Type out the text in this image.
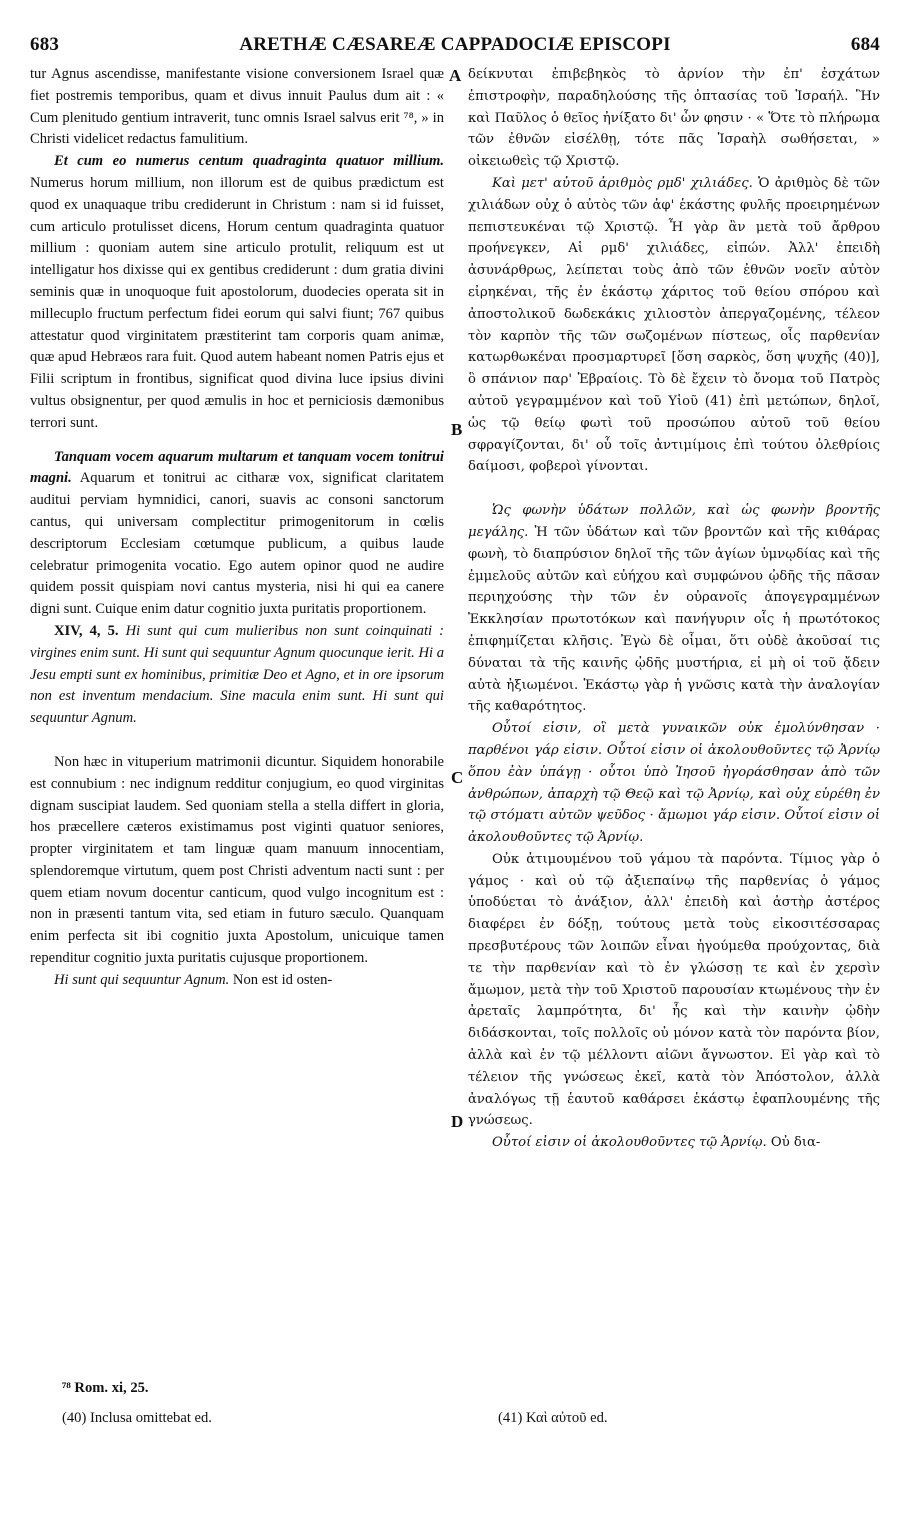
683	ARETHÆ CÆSAREÆ CAPPADOCIÆ EPISCOPI	684

tur Agnus ascendisse, manifestante visione conversionem Israel quæ fiet postremis temporibus, quam et divus innuit Paulus dum ait : « Cum plenitudo gentium intraverit, tunc omnis Israel salvus erit ⁷⁸, » in Christi videlicet redactus famulitium.

Et cum eo numerus centum quadraginta quatuor millium. Numerus horum millium, non illorum est de quibus prædictum est quod ex unaquaque tribu crediderunt in Christum : nam si id fuisset, cum articulo protulisset dicens, Horum centum quadraginta quatuor millium : quoniam autem sine articulo protulit, reliquum est ut intelligatur hos dixisse qui ex gentibus crediderunt : dum gratia divini seminis quæ in unoquoque fuit apostolorum, duodecies operata sit in millecuplo fructum perfectum fidei eorum qui salvi fiunt; 767 quibus attestatur quod virginitatem præstiterint tam corporis quam animæ, quæ apud Hebræos rara fuit. Quod autem habeant nomen Patris ejus et Filii scriptum in frontibus, significat quod divina luce ipsius divini vultus obsignentur, per quod æmulis in hoc et perniciosis dæmonibus terrori sunt.

Tanquam vocem aquarum multarum et tanquam vocem tonitrui magni. Aquarum et tonitrui ac citharæ vox, significat claritatem auditui perviam hymnidici, canori, suavis ac consoni sanctorum cantus, qui universam complectitur primogenitorum in cœlis descriptorum Ecclesiam cœtumque publicum, a quibus laude celebratur primogenita vocatio. Ego autem opinor quod ne audire quidem possit quispiam novi cantus mysteria, nisi hi qui ea canere digni sunt. Cuique enim datur cognitio juxta puritatis proportionem.

XIV, 4, 5. Hi sunt qui cum mulieribus non sunt coinquinati : virgines enim sunt. Hi sunt qui sequuntur Agnum quocunque ierit. Hi a Jesu empti sunt ex hominibus, primitiæ Deo et Agno, et in ore ipsorum non est inventum mendacium. Sine macula enim sunt. Hi sunt qui sequuntur Agnum.

Non hæc in vituperium matrimonii dicuntur. Siquidem honorabile est connubium : nec indignum redditur conjugium, eo quod virginitas dignam suscipiat laudem. Sed quoniam stella a stella differt in gloria, hos præcellere cæteros existimamus post viginti quatuor seniores, propter virginitatem et tam linguæ quam manuum innocentiam, splendoremque virtutum, quem post Christi adventum nacti sunt : per quem etiam novum docentur canticum, quod vulgo incognitum est : non in præsenti tantum vita, sed etiam in futuro sæculo. Quanquam enim perfecta sit ibi cognitio juxta Apostolum, unicuique tamen rependitur cognitio juxta puritatis cujusque proportionem.

Hi sunt qui sequuntur Agnum. Non est id osten-

δείκνυται ἐπιβεβηκὸς τὸ ἀρνίον τὴν ἐπ' ἐσχάτων ἐπιστροφὴν, παραδηλούσης τῆς ὀπτασίας τοῦ Ἰσραήλ. Ἣν καὶ Παῦλος ὁ θεῖος ἠνίξατο δι' ὧν φησιν · « Ὅτε τὸ πλήρωμα τῶν ἐθνῶν εἰσέλθῃ, τότε πᾶς Ἰσραὴλ σωθήσεται, » οἰκειωθεὶς τῷ Χριστῷ.

Καὶ μετ' αὐτοῦ ἀριθμὸς ρμδ' χιλιάδες. Ὁ ἀριθμὸς δὲ τῶν χιλιάδων οὐχ ὁ αὐτὸς τῶν ἀφ' ἑκάστης φυλῆς προειρημένων πεπιστευκέναι τῷ Χριστῷ. Ἦ γὰρ ἂν μετὰ τοῦ ἄρθρου προήνεγκεν, Αἱ ρμδ' χιλιάδες, εἰπών. Ἀλλ' ἐπειδὴ ἀσυνάρθρως, λείπεται τοὺς ἀπὸ τῶν ἐθνῶν νοεῖν αὐτὸν εἰρηκέναι, τῆς ἐν ἑκάστῳ χάριτος τοῦ θείου σπόρου καὶ ἀποστολικοῦ δωδεκάκις χιλιοστὸν ἀπεργαζομένης, τέλεον τὸν καρπὸν τῆς τῶν σωζομένων πίστεως, οἷς παρθενίαν κατωρθωκέναι προσμαρτυρεῖ [ὅση σαρκὸς, ὅση ψυχῆς (40)], ὃ σπάνιον παρ' Ἑβραίοις. Τὸ δὲ ἔχειν τὸ ὄνομα τοῦ Πατρὸς αὐτοῦ γεγραμμένον καὶ τοῦ Υἱοῦ (41) ἐπὶ μετώπων, δηλοῖ, ὡς τῷ θείῳ φωτὶ τοῦ προσώπου αὐτοῦ τοῦ θείου σφραγίζονται, δι' οὗ τοῖς ἀντιμίμοις ἐπὶ τούτου ὀλεθρίοις δαίμοσι, φοβεροὶ γίνονται.

Ὡς φωνὴν ὑδάτων πολλῶν, καὶ ὡς φωνὴν βροντῆς μεγάλης. Ἡ τῶν ὑδάτων καὶ τῶν βροντῶν καὶ τῆς κιθάρας φωνὴ, τὸ διαπρύσιον δηλοῖ τῆς τῶν ἁγίων ὑμνῳδίας καὶ τῆς ἐμμελοῦς αὐτῶν καὶ εὐήχου καὶ συμφώνου ᾠδῆς τῆς πᾶσαν περιηχούσης τὴν τῶν ἐν οὐρανοῖς ἀπογεγραμμένων Ἐκκλησίαν πρωτοτόκων καὶ πανήγυριν οἷς ἡ πρωτότοκος ἐπιφημίζεται κλῆσις. Ἐγὼ δὲ οἶμαι, ὅτι οὐδὲ ἀκοῦσαί τις δύναται τὰ τῆς καινῆς ᾠδῆς μυστήρια, εἰ μὴ οἱ τοῦ ᾄδειν αὐτὰ ἠξιωμένοι. Ἑκάστῳ γὰρ ἡ γνῶσις κατὰ τὴν ἀναλογίαν τῆς καθαρότητος.

Οὗτοί εἰσιν, οἳ μετὰ γυναικῶν οὐκ ἐμολύνθησαν · παρθένοι γάρ εἰσιν. Οὗτοί εἰσιν οἱ ἀκολουθοῦντες τῷ Ἀρνίῳ ὅπου ἐὰν ὑπάγῃ · οὗτοι ὑπὸ Ἰησοῦ ἠγοράσθησαν ἀπὸ τῶν ἀνθρώπων, ἀπαρχὴ τῷ Θεῷ καὶ τῷ Ἀρνίῳ, καὶ οὐχ εὑρέθη ἐν τῷ στόματι αὐτῶν ψεῦδος · ἄμωμοι γάρ εἰσιν. Οὗτοί εἰσιν οἱ ἀκολουθοῦντες τῷ Ἀρνίῳ.

Οὐκ ἀτιμουμένου τοῦ γάμου τὰ παρόντα. Τίμιος γὰρ ὁ γάμος · καὶ οὐ τῷ ἀξιεπαίνῳ τῆς παρθενίας ὁ γάμος ὑποδύεται τὸ ἀνάξιον, ἀλλ' ἐπειδὴ καὶ ἀστὴρ ἀστέρος διαφέρει ἐν δόξῃ, τούτους μετὰ τοὺς εἰκοσιτέσσαρας πρεσβυτέρους τῶν λοιπῶν εἶναι ἡγούμεθα προύχοντας, διὰ τε τὴν παρθενίαν καὶ τὸ ἐν γλώσσῃ τε καὶ ἐν χερσὶν ἄμωμον, μετὰ τὴν τοῦ Χριστοῦ παρουσίαν κτωμένους τὴν ἐν ἀρεταῖς λαμπρότητα, δι' ἧς καὶ τὴν καινὴν ᾠδὴν διδάσκονται, τοῖς πολλοῖς οὐ μόνον κατὰ τὸν παρόντα βίον, ἀλλὰ καὶ ἐν τῷ μέλλοντι αἰῶνι ἄγνωστον. Εἰ γὰρ καὶ τὸ τέλειον τῆς γνώσεως ἐκεῖ, κατὰ τὸν Ἀπόστολον, ἀλλὰ ἀναλόγως τῇ ἑαυτοῦ καθάρσει ἑκάστῳ ἐφαπλουμένης τῆς γνώσεως.

Οὗτοί εἰσιν οἱ ἀκολουθοῦντες τῷ Ἀρνίῳ. Οὐ δια-

A
B
C
D
⁷⁸ Rom. xi, 25.
(40) Inclusa omittebat ed.	(41) Καὶ αὐτοῦ ed.
